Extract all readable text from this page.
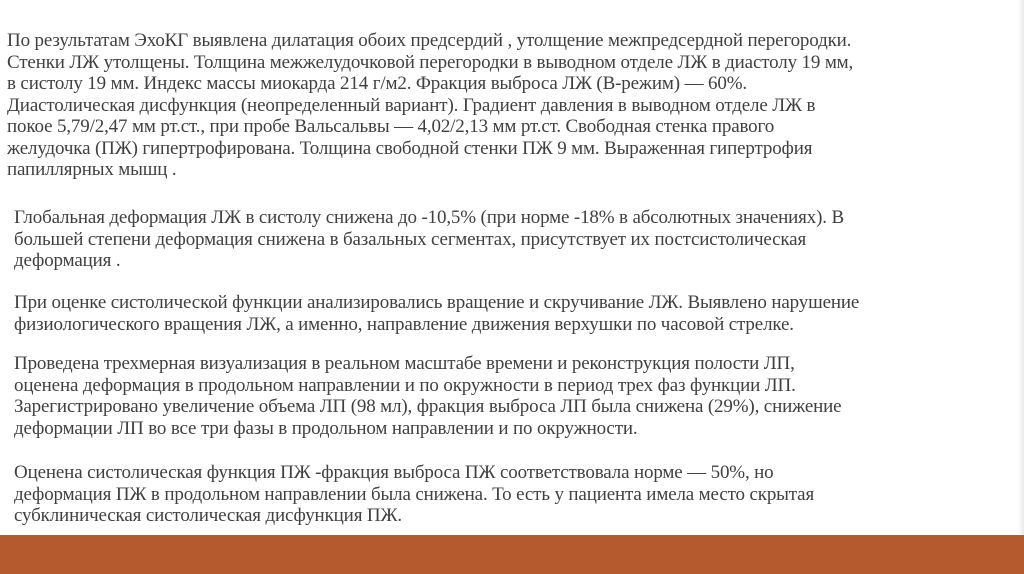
По результатам ЭхоКГ выявлена дилатация обоих предсердий , утолщение межпредсердной перегородки.
Стенки ЛЖ утолщены. Толщина межжелудочковой перегородки в выводном отделе ЛЖ в диастолу 19 мм,
в систолу 19 мм. Индекс массы миокарда 214 г/м2. Фракция выброса ЛЖ (В-режим) — 60%.
Диастолическая дисфункция (неопределенный вариант). Градиент давления в выводном отделе ЛЖ в
покое 5,79/2,47 мм рт.ст., при пробе Вальсальвы — 4,02/2,13 мм рт.ст. Свободная стенка правого
желудочка (ПЖ) гипертрофирована. Толщина свободной стенки ПЖ 9 мм. Выраженная гипертрофия
папиллярных мышц .

Глобальная деформация ЛЖ в систолу снижена до -10,5% (при норме -18% в абсолютных значениях). В
большей степени деформация снижена в базальных сегментах, присутствует их постсистолическая
деформация .

При оценке систолической функции анализировались вращение и скручивание ЛЖ. Выявлено нарушение
физиологического вращения ЛЖ, а именно, направление движения верхушки по часовой стрелке.

Проведена трехмерная визуализация в реальном масштабе времени и реконструкция полости ЛП,
оценена деформация в продольном направлении и по окружности в период трех фаз функции ЛП.
Зарегистрировано увеличение объема ЛП (98 мл), фракция выброса ЛП была снижена (29%), снижение
деформации ЛП во все три фазы в продольном направлении и по окружности.

Оценена систолическая функция ПЖ -фракция выброса ПЖ соответствовала норме — 50%, но
деформация ПЖ в продольном направлении была снижена. То есть у пациента имела место скрытая
субклиническая систолическая дисфункция ПЖ.
